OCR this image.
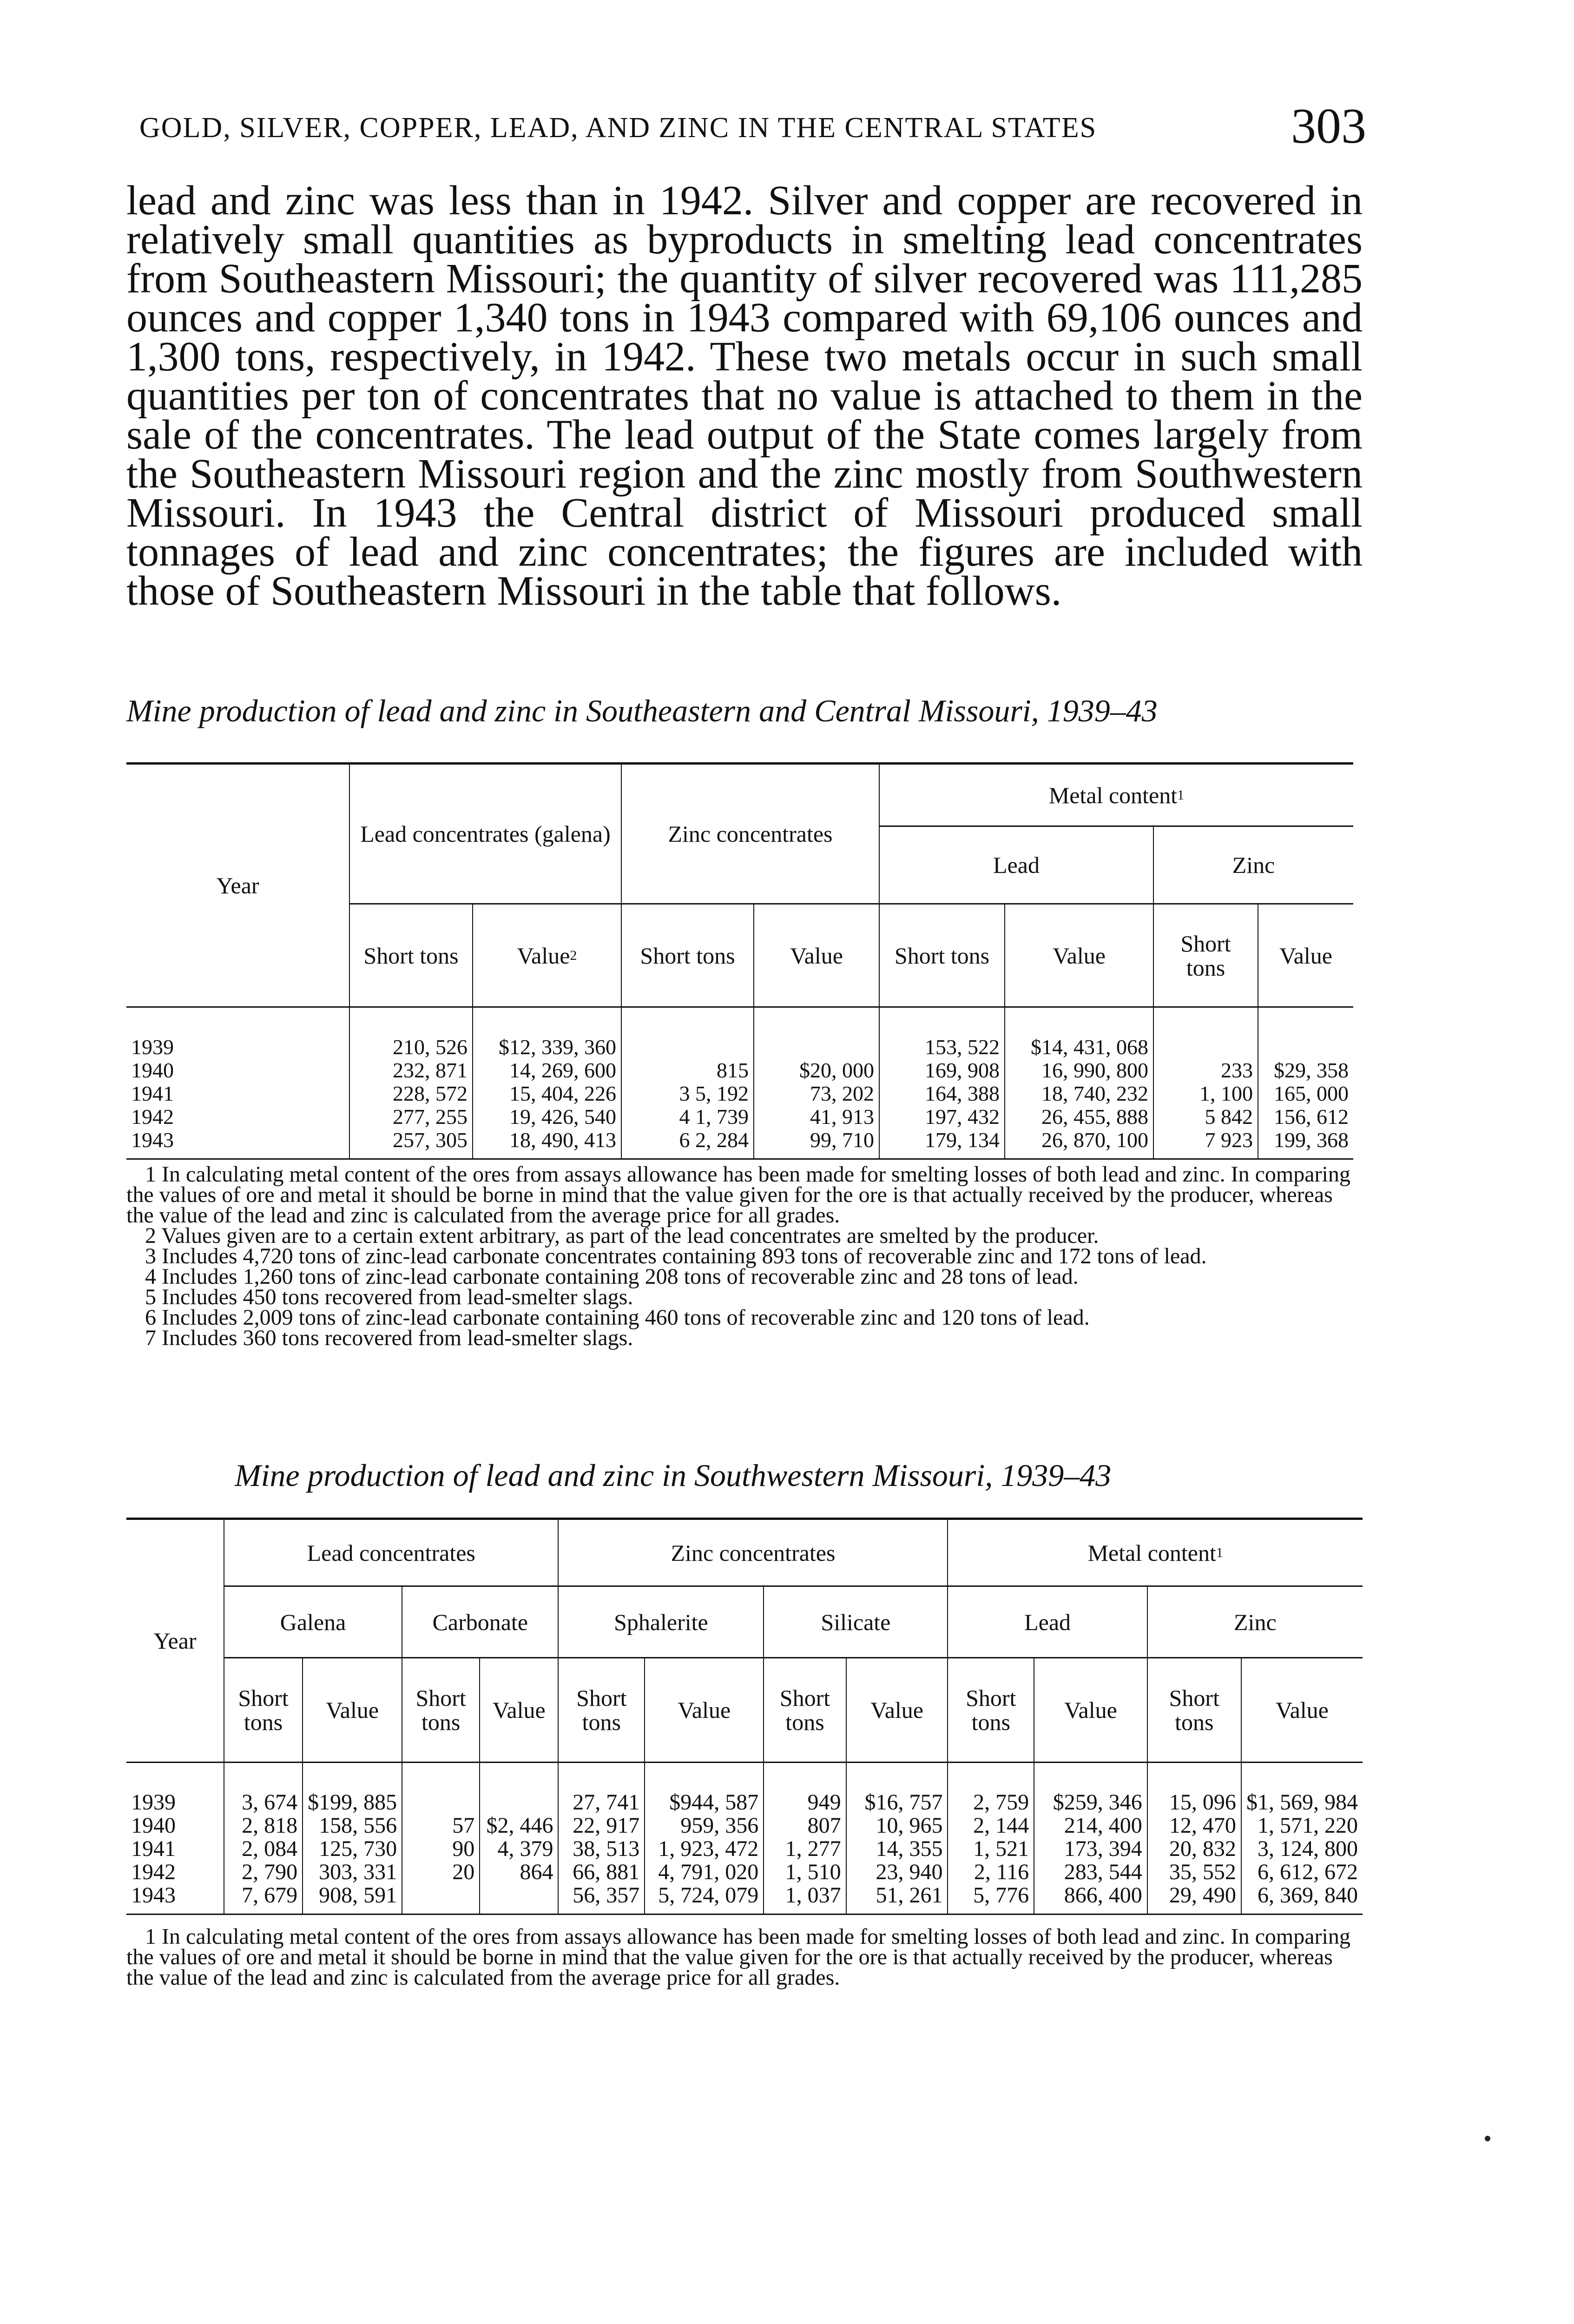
GOLD, SILVER, COPPER, LEAD, AND ZINC IN THE CENTRAL STATES	303
lead and zinc was less than in 1942. Silver and copper are recovered in relatively small quantities as byproducts in smelting lead concentrates from Southeastern Missouri; the quantity of silver recovered was 111,285 ounces and copper 1,340 tons in 1943 compared with 69,106 ounces and 1,300 tons, respectively, in 1942. These two metals occur in such small quantities per ton of concentrates that no value is attached to them in the sale of the concentrates. The lead output of the State comes largely from the Southeastern Missouri region and the zinc mostly from Southwestern Missouri. In 1943 the Central district of Missouri produced small tonnages of lead and zinc concentrates; the figures are included with those of Southeastern Missouri in the table that follows.
Mine production of lead and zinc in Southeastern and Central Missouri, 1939–43
Year	Lead concentrates (galena)		Zinc concentrates		Metal content$^1$
					Lead		Zinc	
	Short tons	Value$^2$	Short tons	Value	Short tons	Value	Short tons	Value
1939	210, 526	$12, 339, 360			153, 522	$14, 431, 068		
1940	232, 871	14, 269, 600	815	$20, 000	169, 908	16, 990, 800	233	$29, 358
1941	228, 572	15, 404, 226	3 5, 192	73, 202	164, 388	18, 740, 232	1, 100	165, 000
1942	277, 255	19, 426, 540	4 1, 739	41, 913	197, 432	26, 455, 888	5 842	156, 612
1943	257, 305	18, 490, 413	6 2, 284	99, 710	179, 134	26, 870, 100	7 923	199, 368

1 In calculating metal content of the ores from assays allowance has been made for smelting losses of both lead and zinc. In comparing the values of ore and metal it should be borne in mind that the value given for the ore is that actually received by the producer, whereas the value of the lead and zinc is calculated from the average price for all grades.

2 Values given are to a certain extent arbitrary, as part of the lead concentrates are smelted by the producer.

3 Includes 4,720 tons of zinc-lead carbonate concentrates containing 893 tons of recoverable zinc and 172 tons of lead.

4 Includes 1,260 tons of zinc-lead carbonate containing 208 tons of recoverable zinc and 28 tons of lead.

5 Includes 450 tons recovered from lead-smelter slags.

6 Includes 2,009 tons of zinc-lead carbonate containing 460 tons of recoverable zinc and 120 tons of lead.

7 Includes 360 tons recovered from lead-smelter slags.

Mine production of lead and zinc in Southwestern Missouri, 1939–43
Year	Lead concentrates				Zinc concentrates				Metal content$^1$
	Galena		Carbonate		Sphalerite		Silicate		Lead		Zinc	
	Short tons	Value	Short tons	Value	Short tons	Value	Short tons	Value	Short tons	Value	Short tons	Value
1939	3, 674	$199, 885			27, 741	$944, 587	949	$16, 757	2, 759	$259, 346	15, 096	$1, 569, 984
1940	2, 818	158, 556	57	$2, 446	22, 917	959, 356	807	10, 965	2, 144	214, 400	12, 470	1, 571, 220
1941	2, 084	125, 730	90	4, 379	38, 513	1, 923, 472	1, 277	14, 355	1, 521	173, 394	20, 832	3, 124, 800
1942	2, 790	303, 331	20	864	66, 881	4, 791, 020	1, 510	23, 940	2, 116	283, 544	35, 552	6, 612, 672
1943	7, 679	908, 591			56, 357	5, 724, 079	1, 037	51, 261	5, 776	866, 400	29, 490	6, 369, 840

1 In calculating metal content of the ores from assays allowance has been made for smelting losses of both lead and zinc. In comparing the values of ore and metal it should be borne in mind that the value given for the ore is that actually received by the producer, whereas the value of the lead and zinc is calculated from the average price for all grades.
